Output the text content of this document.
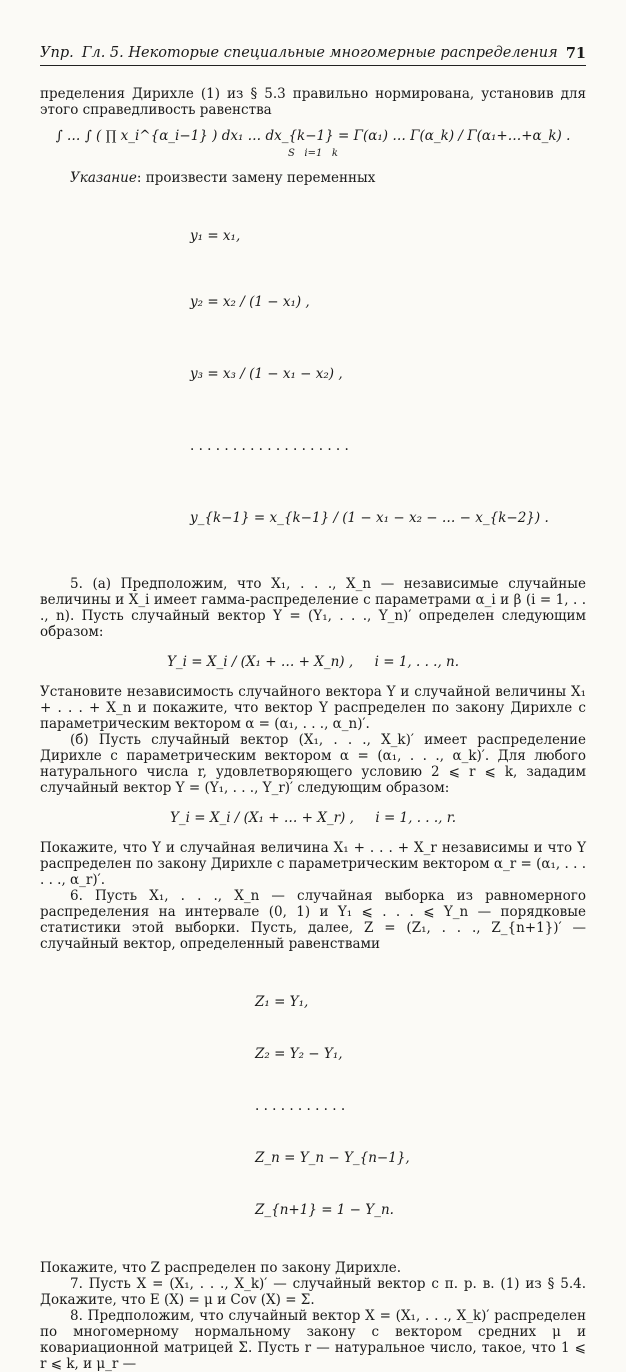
Упр. Гл. 5. Некоторые специальные многомерные распределения 71

пределения Дирихле (1) из § 5.3 правильно нормирована, установив для этого справедливость равенства

∫ … ∫ ( ∏ x_i^{α_i−1} ) dx₁ … dx_{k−1} = Γ(α₁) … Γ(α_k) / Γ(α₁+…+α_k) .
S   i=1   k

Указание: произвести замену переменных

y₁ = x₁,

y₂ = x₂ / (1 − x₁) ,

y₃ = x₃ / (1 − x₁ − x₂) ,

. . . . . . . . . . . . . . . . . . .

y_{k−1} = x_{k−1} / (1 − x₁ − x₂ − … − x_{k−2}) .

5. (а) Предположим, что X₁, . . ., X_n — независимые случайные величины и X_i имеет гамма-распределение с параметрами α_i и β (i = 1, . . ., n). Пусть случайный вектор Y = (Y₁, . . ., Y_n)′ определен следующим образом:

Y_i = X_i / (X₁ + … + X_n) ,     i = 1, . . ., n.

Установите независимость случайного вектора Y и случайной величины X₁ + . . . + X_n и покажите, что вектор Y распределен по закону Дирихле с параметрическим вектором α = (α₁, . . ., α_n)′.

(б) Пусть случайный вектор (X₁, . . ., X_k)′ имеет распределение Дирихле с параметрическим вектором α = (α₁, . . ., α_k)′. Для любого натурального числа r, удовлетворяющего условию 2 ⩽ r ⩽ k, зададим случайный вектор Y = (Y₁, . . ., Y_r)′ следующим образом:

Y_i = X_i / (X₁ + … + X_r) ,     i = 1, . . ., r.

Покажите, что Y и случайная величина X₁ + . . . + X_r независимы и что Y распределен по закону Дирихле с параметрическим вектором α_r = (α₁, . . . . . ., α_r)′.

6. Пусть X₁, . . ., X_n — случайная выборка из равномерного распределения на интервале (0, 1) и Y₁ ⩽ . . . ⩽ Y_n — порядковые статистики этой выборки. Пусть, далее, Z = (Z₁, . . ., Z_{n+1})′ — случайный вектор, определенный равенствами

Z₁ = Y₁,

Z₂ = Y₂ − Y₁,

. . . . . . . . . . .

Z_n = Y_n − Y_{n−1},

Z_{n+1} = 1 − Y_n.

Покажите, что Z распределен по закону Дирихле.

7. Пусть X = (X₁, . . ., X_k)′ — случайный вектор с п. р. в. (1) из § 5.4. Докажите, что E (X) = μ и Cov (X) = Σ.

8. Предположим, что случайный вектор X = (X₁, . . ., X_k)′ распределен по многомерному нормальному закону с вектором средних μ и ковариационной матрицей Σ. Пусть r — натуральное число, такое, что 1 ⩽ r ⩽ k, и μ_r —
